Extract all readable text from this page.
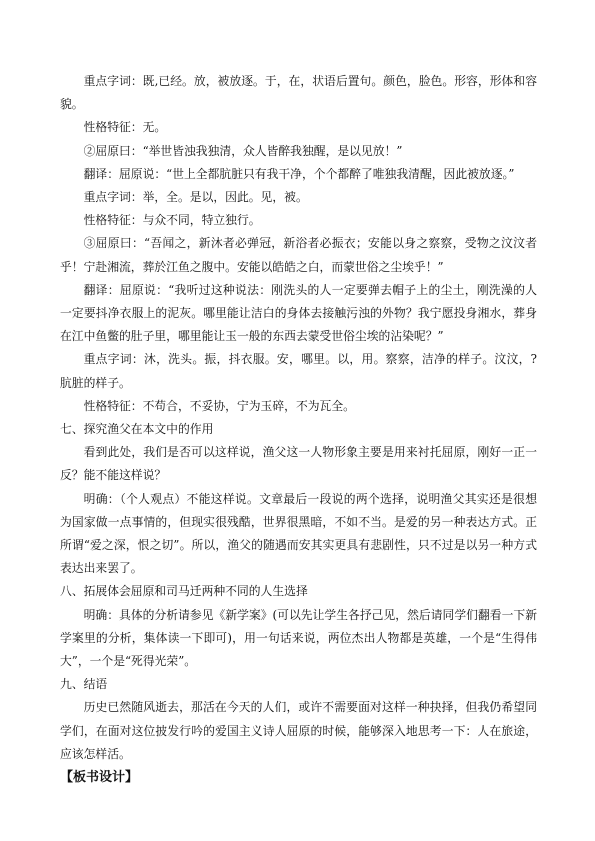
重点字词：既,已经。放，被放逐。于，在，状语后置句。颜色，脸色。形容，形体和容貌。

性格特征：无。

②屈原曰：“举世皆浊我独清，众人皆醉我独醒，是以见放！”

翻译：屈原说：“世上全都肮脏只有我干净，个个都醉了唯独我清醒，因此被放逐。”

重点字词：举，全。是以，因此。见，被。

性格特征：与众不同，特立独行。

③屈原曰：“吾闻之，新沐者必弹冠，新浴者必振衣；安能以身之察察，受物之汶汶者乎！宁赴湘流，葬於江鱼之腹中。安能以皓皓之白，而蒙世俗之尘埃乎！”

翻译：屈原说：“我听过这种说法：刚洗头的人一定要弹去帽子上的尘土，刚洗澡的人一定要抖净衣服上的泥灰。哪里能让洁白的身体去接触污浊的外物？我宁愿投身湘水，葬身在江中鱼鳖的肚子里，哪里能让玉一般的东西去蒙受世俗尘埃的沾染呢？”

重点字词：沐，洗头。振，抖衣服。安，哪里。以，用。察察，洁净的样子。汶汶，?肮脏的样子。

性格特征：不苟合，不妥协，宁为玉碎，不为瓦全。

七、探究渔父在本文中的作用

看到此处，我们是否可以这样说，渔父这一人物形象主要是用来衬托屈原，刚好一正一反？能不能这样说？

明确：（个人观点）不能这样说。文章最后一段说的两个选择，说明渔父其实还是很想为国家做一点事情的，但现实很残酷，世界很黑暗，不如不当。是爱的另一种表达方式。正所谓“爱之深，恨之切”。所以，渔父的随遇而安其实更具有悲剧性，只不过是以另一种方式表达出来罢了。

八、拓展体会屈原和司马迁两种不同的人生选择

明确：具体的分析请参见《新学案》(可以先让学生各抒己见，然后请同学们翻看一下新学案里的分析，集体读一下即可)，用一句话来说，两位杰出人物都是英雄，一个是“生得伟大”，一个是“死得光荣”。

九、结语

历史已然随风逝去，那活在今天的人们，或许不需要面对这样一种抉择，但我仍希望同学们，在面对这位披发行吟的爱国主义诗人屈原的时候，能够深入地思考一下：人在旅途，应该怎样活。

【板书设计】
